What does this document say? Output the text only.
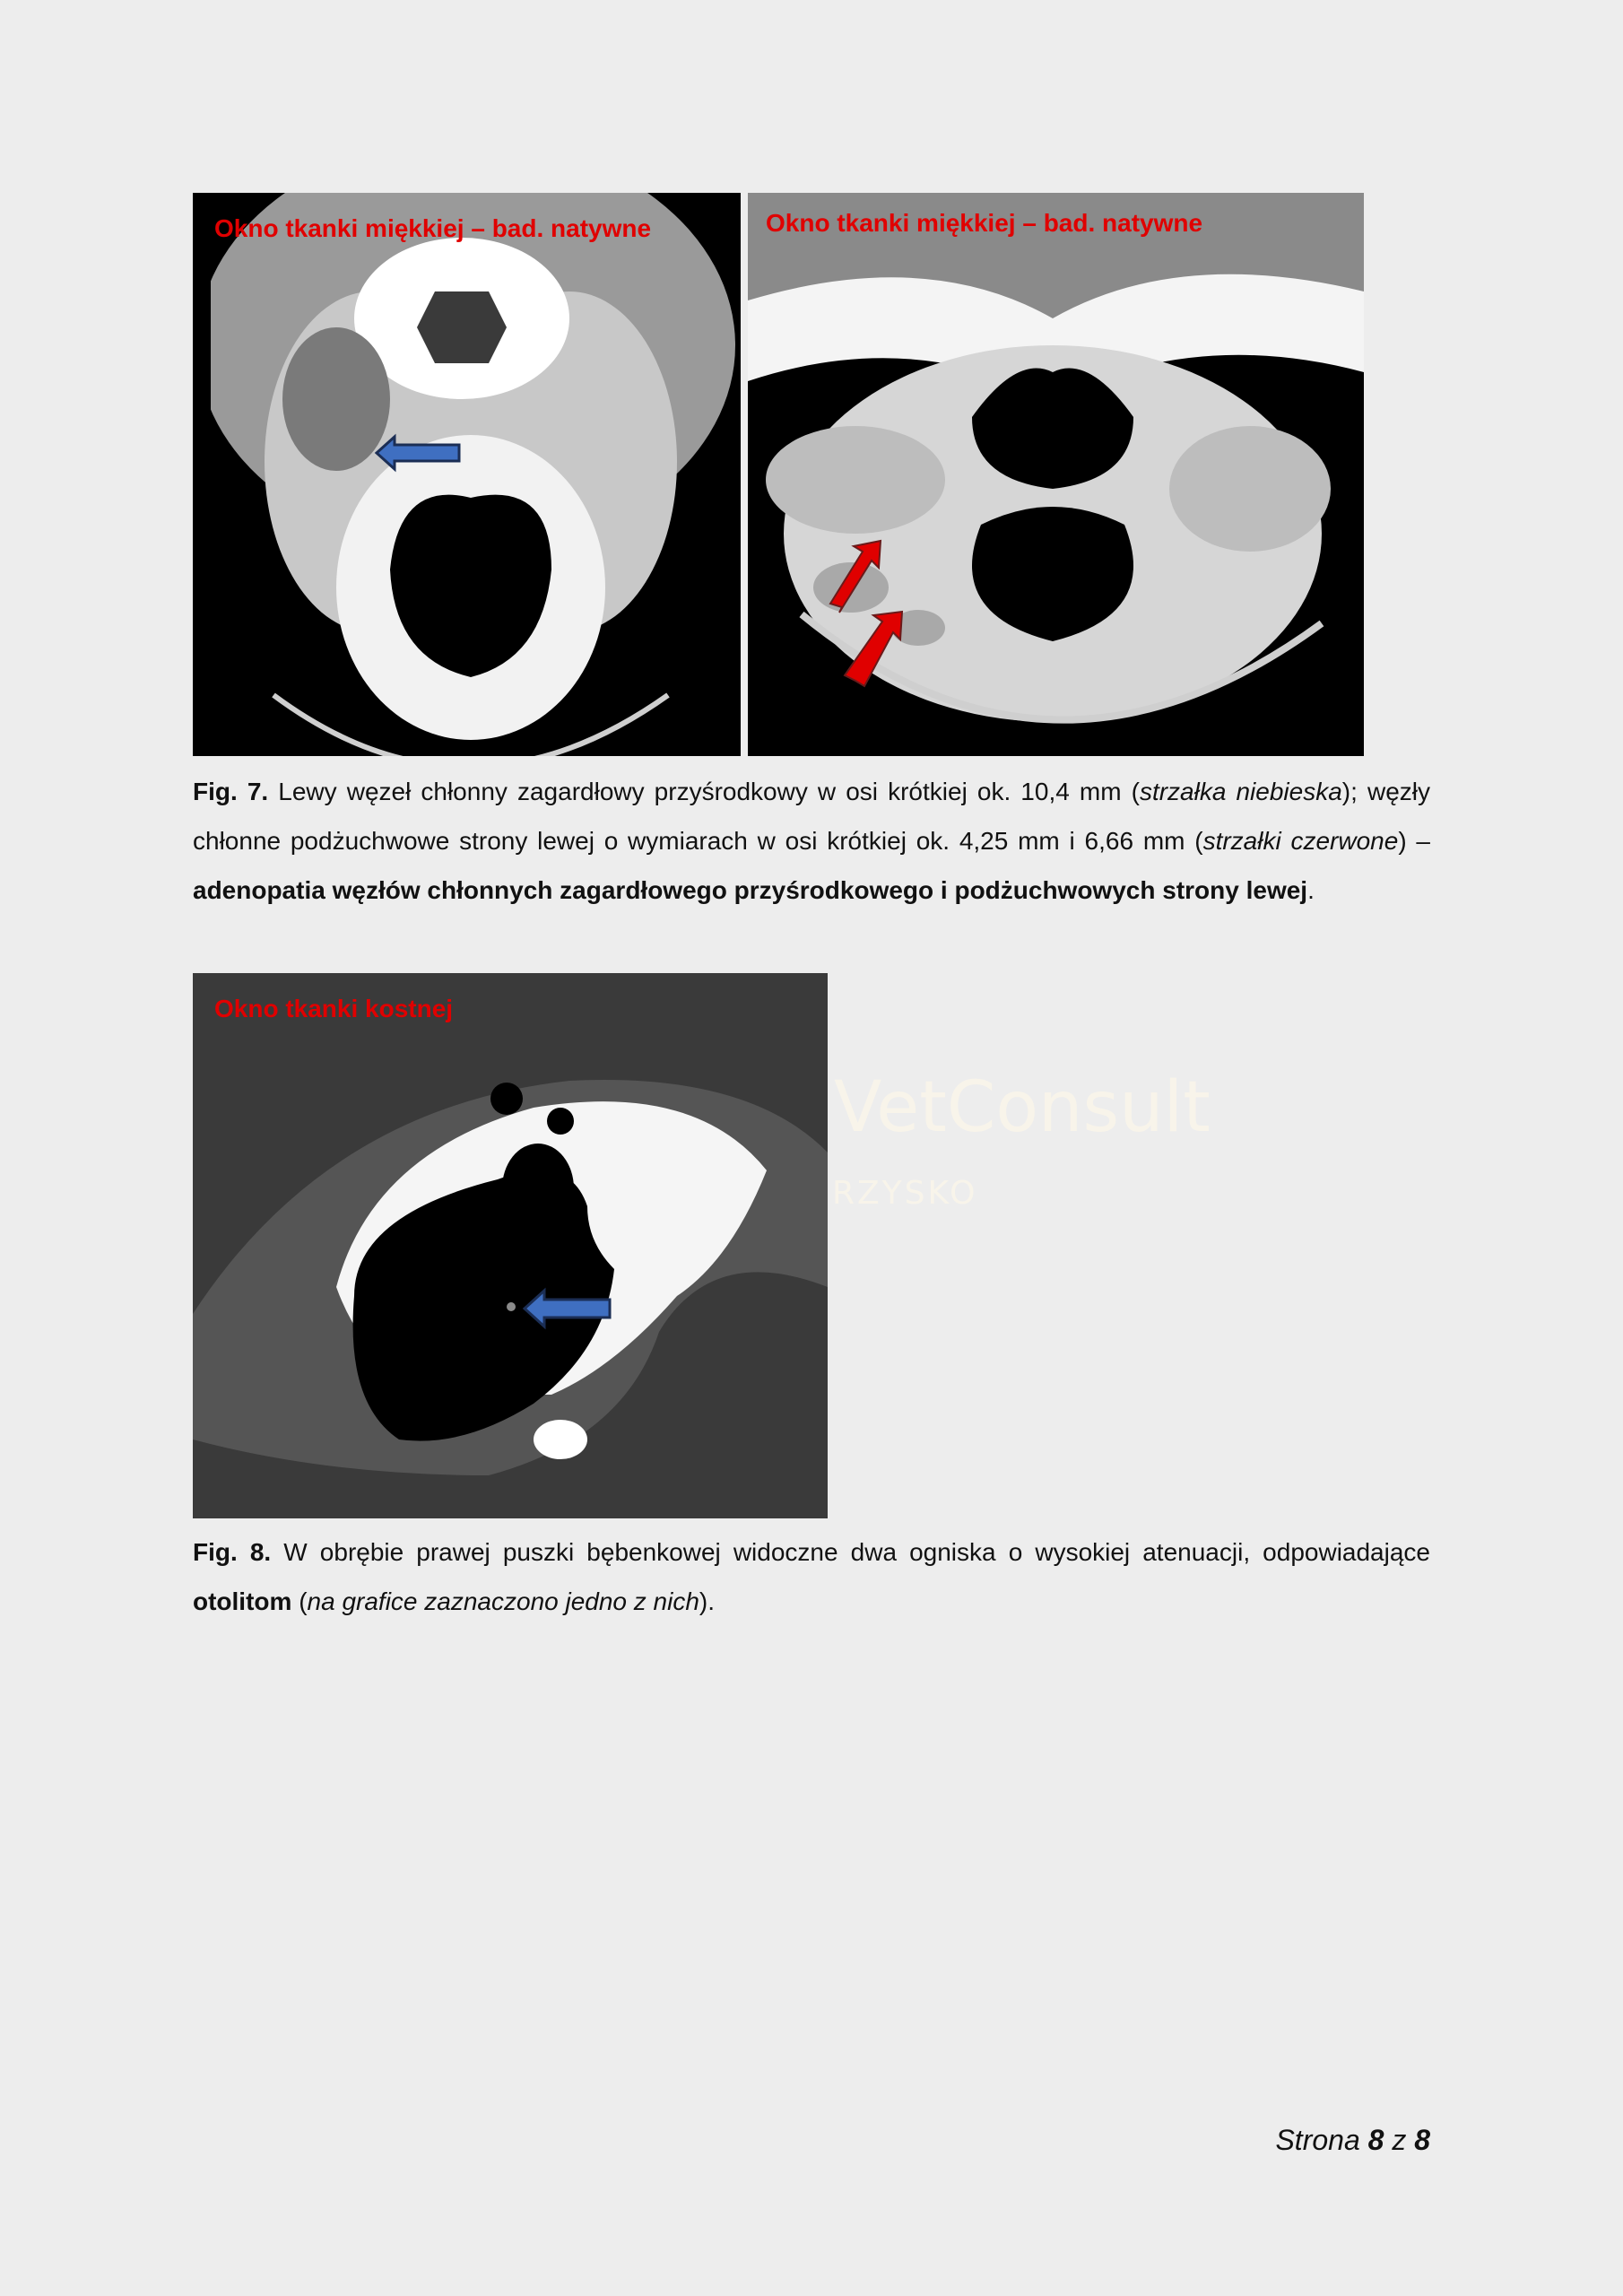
Okno tkanki miękkiej – bad. natywne	Okno tkanki miękkiej – bad. natywne
Fig. 7. Lewy węzeł chłonny zagardłowy przyśrodkowy w osi krótkiej ok. 10,4 mm (strzałka niebieska); węzły chłonne podżuchwowe strony lewej o wymiarach w osi krótkiej ok. 4,25 mm i 6,66 mm (strzałki czerwone) – adenopatia węzłów chłonnych zagardłowego przyśrodkowego i podżuchwowych strony lewej.
Okno tkanki kostnej
VetConsult
RZYSKO
Fig. 8. W obrębie prawej puszki bębenkowej widoczne dwa ogniska o wysokiej atenuacji, odpowiadające otolitom (na grafice zaznaczono jedno z nich).
Strona 8 z 8
